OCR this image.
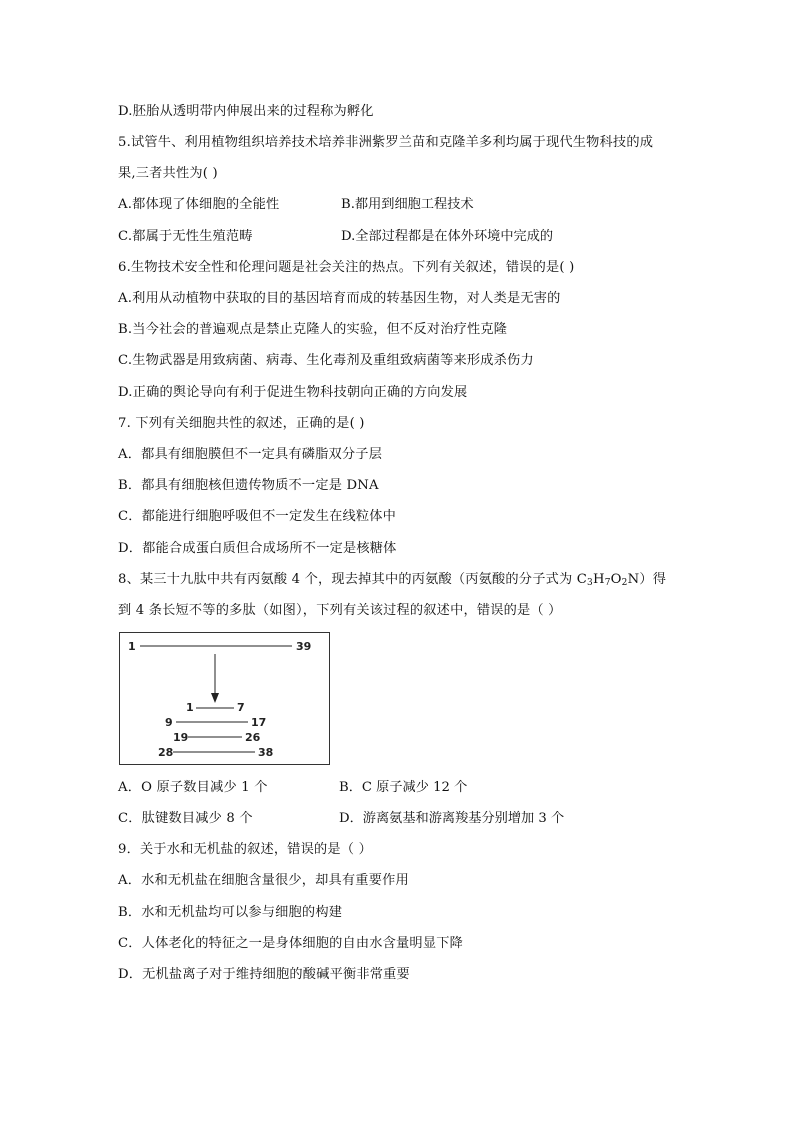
D.胚胎从透明带内伸展出来的过程称为孵化
5.试管牛、利用植物组织培养技术培养非洲紫罗兰苗和克隆羊多利均属于现代生物科技的成
果,三者共性为( )
A.都体现了体细胞的全能性	B.都用到细胞工程技术
C.都属于无性生殖范畴	D.全部过程都是在体外环境中完成的
6.生物技术安全性和伦理问题是社会关注的热点。下列有关叙述，错误的是( )
A.利用从动植物中获取的目的基因培育而成的转基因生物，对人类是无害的
B.当今社会的普遍观点是禁止克隆人的实验，但不反对治疗性克隆
C.生物武器是用致病菌、病毒、生化毒剂及重组致病菌等来形成杀伤力
D.正确的舆论导向有利于促进生物科技朝向正确的方向发展
7. 下列有关细胞共性的叙述，正确的是( )
A．都具有细胞膜但不一定具有磷脂双分子层
B．都具有细胞核但遗传物质不一定是 DNA
C．都能进行细胞呼吸但不一定发生在线粒体中
D．都能合成蛋白质但合成场所不一定是核糖体
8、某三十九肽中共有丙氨酸 4 个，现去掉其中的丙氨酸（丙氨酸的分子式为 $C_3H_7O_2N$）得
到 4 条长短不等的多肽（如图），下列有关该过程的叙述中，错误的是（ ）
1	39
1	7
9	17
19	26
28	38
A．O 原子数目减少 1 个	B．C 原子减少 12 个
C．肽键数目减少 8 个	D．游离氨基和游离羧基分别增加 3 个
9．关于水和无机盐的叙述，错误的是（ ）
A．水和无机盐在细胞含量很少，却具有重要作用
B．水和无机盐均可以参与细胞的构建
C．人体老化的特征之一是身体细胞的自由水含量明显下降
D．无机盐离子对于维持细胞的酸碱平衡非常重要
